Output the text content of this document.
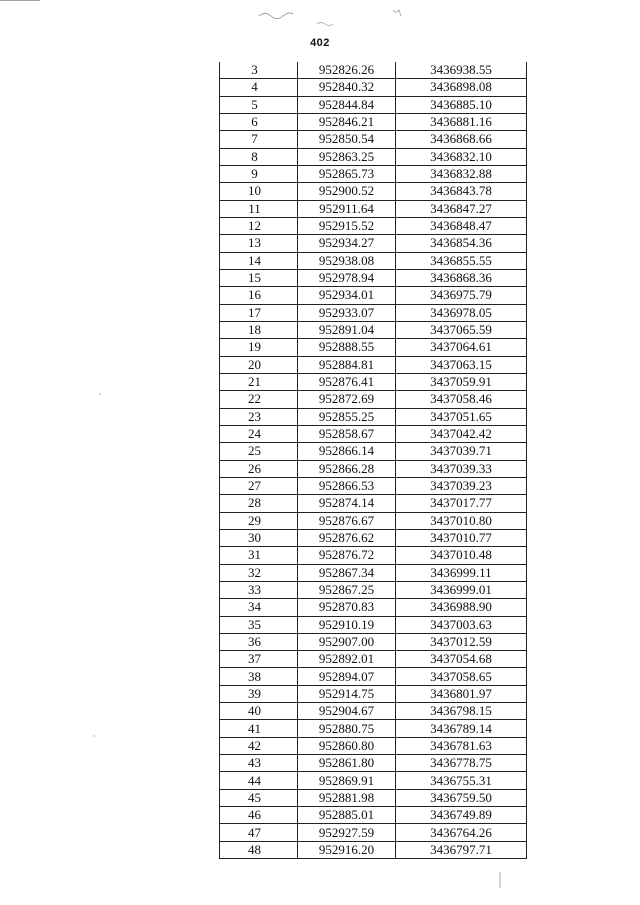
402
3	952826.26	3436938.55
4	952840.32	3436898.08
5	952844.84	3436885.10
6	952846.21	3436881.16
7	952850.54	3436868.66
8	952863.25	3436832.10
9	952865.73	3436832.88
10	952900.52	3436843.78
11	952911.64	3436847.27
12	952915.52	3436848.47
13	952934.27	3436854.36
14	952938.08	3436855.55
15	952978.94	3436868.36
16	952934.01	3436975.79
17	952933.07	3436978.05
18	952891.04	3437065.59
19	952888.55	3437064.61
20	952884.81	3437063.15
21	952876.41	3437059.91
22	952872.69	3437058.46
23	952855.25	3437051.65
24	952858.67	3437042.42
25	952866.14	3437039.71
26	952866.28	3437039.33
27	952866.53	3437039.23
28	952874.14	3437017.77
29	952876.67	3437010.80
30	952876.62	3437010.77
31	952876.72	3437010.48
32	952867.34	3436999.11
33	952867.25	3436999.01
34	952870.83	3436988.90
35	952910.19	3437003.63
36	952907.00	3437012.59
37	952892.01	3437054.68
38	952894.07	3437058.65
39	952914.75	3436801.97
40	952904.67	3436798.15
41	952880.75	3436789.14
42	952860.80	3436781.63
43	952861.80	3436778.75
44	952869.91	3436755.31
45	952881.98	3436759.50
46	952885.01	3436749.89
47	952927.59	3436764.26
48	952916.20	3436797.71
